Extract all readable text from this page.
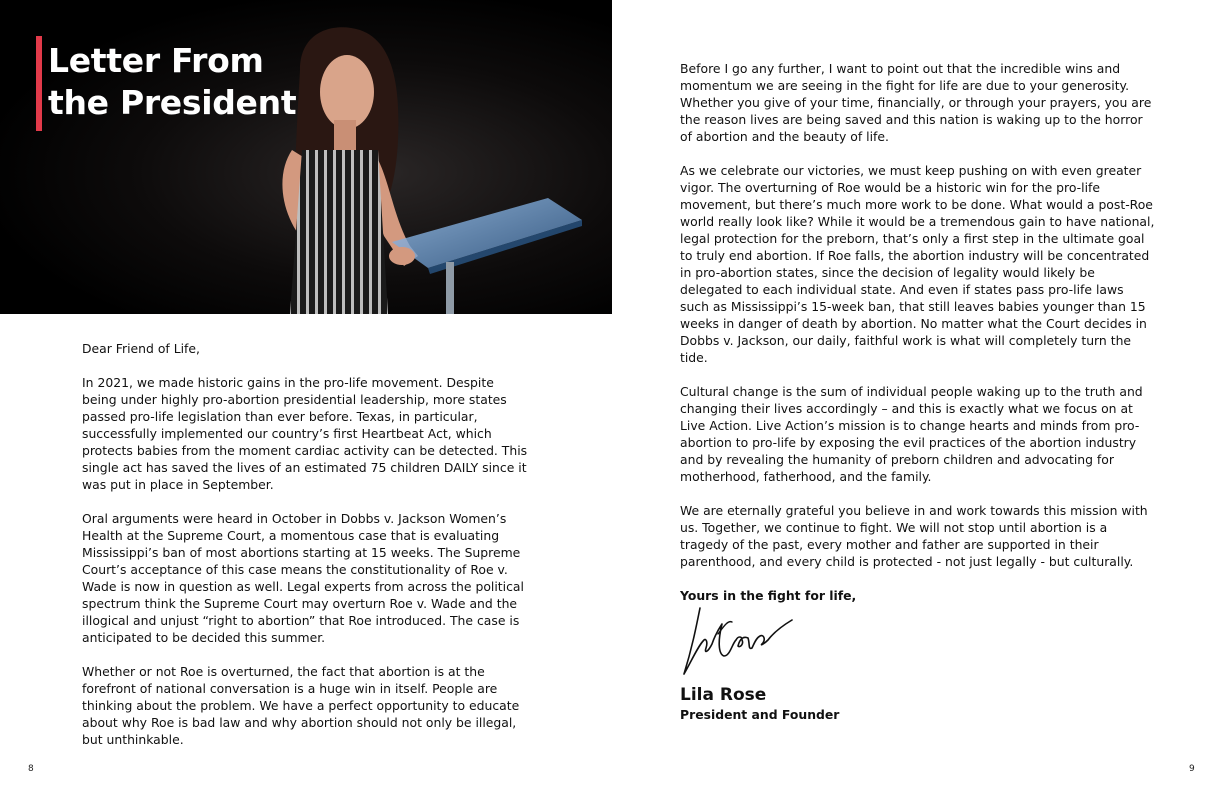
Letter From
the President

Dear Friend of Life,

In 2021, we made historic gains in the pro-life movement. Despite being under highly pro-abortion presidential leadership, more states passed pro-life legislation than ever before. Texas, in particular, successfully implemented our country’s first Heartbeat Act, which protects babies from the moment cardiac activity can be detected. This single act has saved the lives of an estimated 75 children DAILY since it was put in place in September.

Oral arguments were heard in October in Dobbs v. Jackson Women’s Health at the Supreme Court, a momentous case that is evaluating Mississippi’s ban of most abortions starting at 15 weeks. The Supreme Court’s acceptance of this case means the constitutionality of Roe v. Wade is now in question as well. Legal experts from across the political spectrum think the Supreme Court may overturn Roe v. Wade and the illogical and unjust “right to abortion” that Roe introduced. The case is anticipated to be decided this summer.

Whether or not Roe is overturned, the fact that abortion is at the forefront of national conversation is a huge win in itself. People are thinking about the problem. We have a perfect opportunity to educate about why Roe is bad law and why abortion should not only be illegal, but unthinkable.

8

Before I go any further, I want to point out that the incredible wins and momentum we are seeing in the fight for life are due to your generosity. Whether you give of your time, financially, or through your prayers, you are the reason lives are being saved and this nation is waking up to the horror of abortion and the beauty of life.

As we celebrate our victories, we must keep pushing on with even greater vigor. The overturning of Roe would be a historic win for the pro-life movement, but there’s much more work to be done. What would a post-Roe world really look like? While it would be a tremendous gain to have national, legal protection for the preborn, that’s only a first step in the ultimate goal to truly end abortion. If Roe falls, the abortion industry will be concentrated in pro-abortion states, since the decision of legality would likely be delegated to each individual state. And even if states pass pro-life laws such as Mississippi’s 15-week ban, that still leaves babies younger than 15 weeks in danger of death by abortion. No matter what the Court decides in Dobbs v. Jackson, our daily, faithful work is what will completely turn the tide.

Cultural change is the sum of individual people waking up to the truth and changing their lives accordingly – and this is exactly what we focus on at Live Action. Live Action’s mission is to change hearts and minds from pro-abortion to pro-life by exposing the evil practices of the abortion industry and by revealing the humanity of preborn children and advocating for motherhood, fatherhood, and the family.

We are eternally grateful you believe in and work towards this mission with us. Together, we continue to fight. We will not stop until abortion is a tragedy of the past, every mother and father are supported in their parenthood, and every child is protected - not just legally - but culturally.

Yours in the fight for life,

Lila Rose

President and Founder

9
